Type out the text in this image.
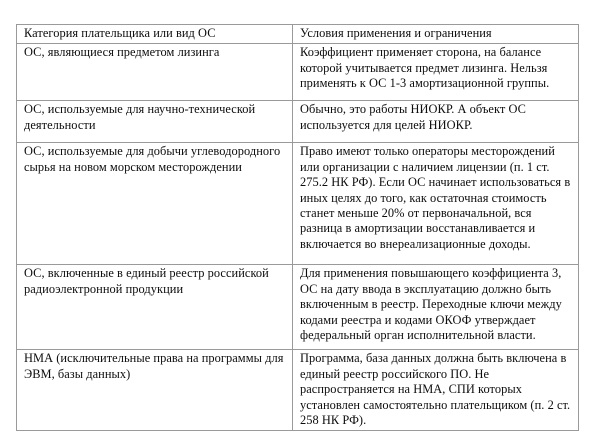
Категория плательщика или вид ОС	Условия применения и ограничения

ОС, являющиеся предметом лизинга	Коэффициент применяет сторона, на балансе которой учитывается предмет лизинга. Нельзя применять к ОС 1-3 амортизационной группы.
ОС, используемые для научно-технической деятельности	Обычно, это работы НИОКР. А объект ОС используется для целей НИОКР.
ОС, используемые для добычи углеводородного сырья на новом морском месторождении	Право имеют только операторы месторождений или организации с наличием лицензии (п. 1 ст. 275.2 НК РФ). Если ОС начинает использоваться в иных целях до того, как остаточная стоимость станет меньше 20% от первоначальной, вся разница в амортизации восстанавливается и включается во внереализационные доходы.
ОС, включенные в единый реестр российской радиоэлектронной продукции	Для применения повышающего коэффициента 3, ОС на дату ввода в эксплуатацию должно быть включенным в реестр. Переходные ключи между кодами реестра и кодами ОКОФ утверждает федеральный орган исполнительной власти.
НМА (исключительные права на программы для ЭВМ, базы данных)	Программа, база данных должна быть включена в единый реестр российского ПО. Не распространяется на НМА, СПИ которых установлен самостоятельно плательщиком (п. 2 ст. 258 НК РФ).
